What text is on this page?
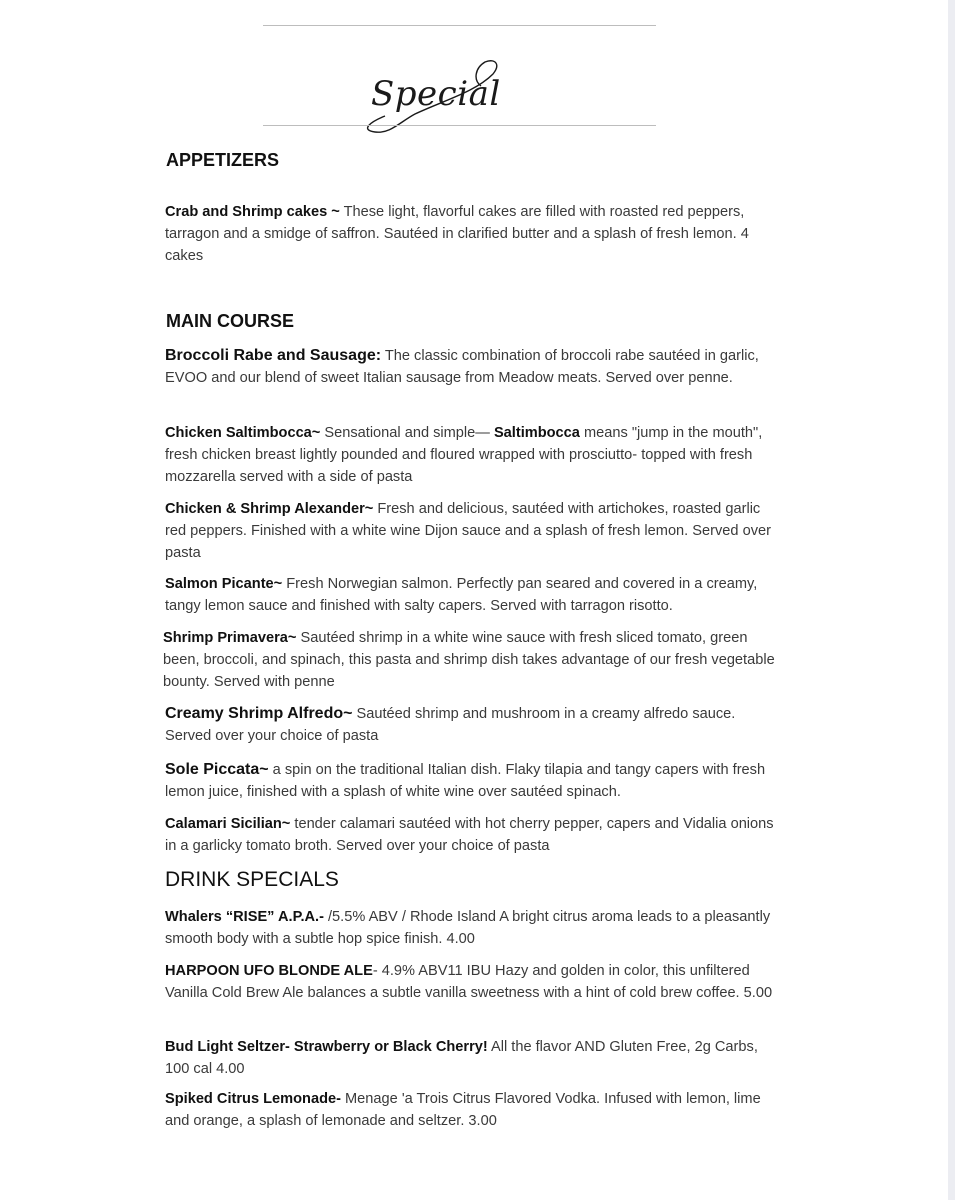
Special
APPETIZERS
Crab and Shrimp cakes ~ These light, flavorful cakes are filled with roasted red peppers, tarragon and a smidge of saffron. Sautéed in clarified butter and a splash of fresh lemon. 4 cakes
MAIN COURSE
Broccoli Rabe and Sausage: The classic combination of broccoli rabe sautéed in garlic, EVOO and our blend of sweet Italian sausage from Meadow meats. Served over penne.
Chicken Saltimbocca~ Sensational and simple— Saltimbocca means "jump in the mouth", fresh chicken breast lightly pounded and floured wrapped with prosciutto- topped with fresh mozzarella served with a side of pasta
Chicken & Shrimp Alexander~ Fresh and delicious, sautéed with artichokes, roasted garlic red peppers. Finished with a white wine Dijon sauce and a splash of fresh lemon. Served over pasta
Salmon Picante~ Fresh Norwegian salmon. Perfectly pan seared and covered in a creamy, tangy lemon sauce and finished with salty capers. Served with tarragon risotto.
Shrimp Primavera~ Sautéed shrimp in a white wine sauce with fresh sliced tomato, green been, broccoli, and spinach, this pasta and shrimp dish takes advantage of our fresh vegetable bounty. Served with penne
Creamy Shrimp Alfredo~ Sautéed shrimp and mushroom in a creamy alfredo sauce. Served over your choice of pasta
Sole Piccata~ a spin on the traditional Italian dish. Flaky tilapia and tangy capers with fresh lemon juice, finished with a splash of white wine over sautéed spinach.
Calamari Sicilian~ tender calamari sautéed with hot cherry pepper, capers and Vidalia onions in a garlicky tomato broth. Served over your choice of pasta
DRINK SPECIALS
Whalers “RISE” A.P.A.- /5.5% ABV / Rhode Island A bright citrus aroma leads to a pleasantly smooth body with a subtle hop spice finish. 4.00
HARPOON UFO BLONDE ALE- 4.9% ABV11 IBU Hazy and golden in color, this unfiltered Vanilla Cold Brew Ale balances a subtle vanilla sweetness with a hint of cold brew coffee. 5.00
Bud Light Seltzer- Strawberry or Black Cherry! All the flavor AND Gluten Free, 2g Carbs, 100 cal 4.00
Spiked Citrus Lemonade- Menage 'a Trois Citrus Flavored Vodka. Infused with lemon, lime and orange, a splash of lemonade and seltzer. 3.00
